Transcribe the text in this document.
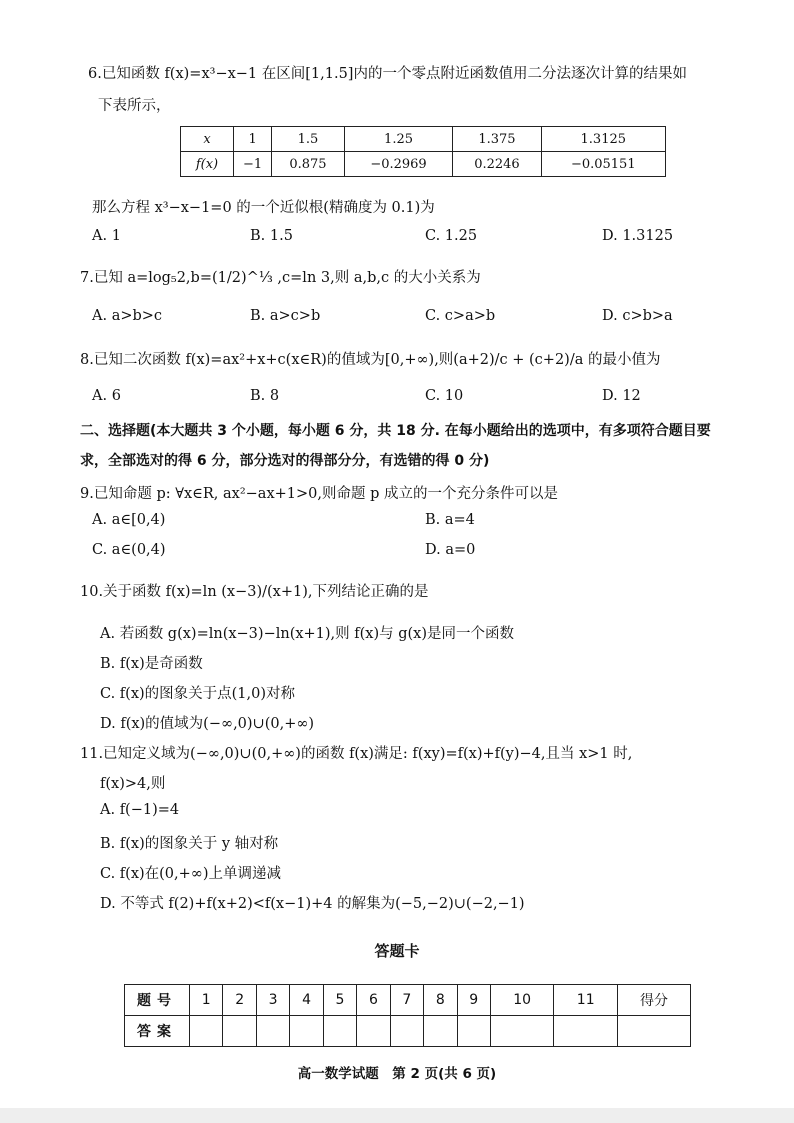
6.已知函数 f(x)=x³−x−1 在区间[1,1.5]内的一个零点附近函数值用二分法逐次计算的结果如
下表所示，
x	1	1.5	1.25	1.375	1.3125
f(x)	−1	0.875	−0.2969	0.2246	−0.05151
那么方程 x³−x−1=0 的一个近似根(精确度为 0.1)为
A. 1	B. 1.5	C. 1.25	D. 1.3125
7.已知 a=log₅2,b=(1/2)^⅓ ,c=ln 3,则 a,b,c 的大小关系为
A. a>b>c	B. a>c>b	C. c>a>b	D. c>b>a
8.已知二次函数 f(x)=ax²+x+c(x∈R)的值域为[0,+∞),则(a+2)/c + (c+2)/a 的最小值为
A. 6	B. 8	C. 10	D. 12
二、选择题(本大题共 3 个小题，每小题 6 分，共 18 分. 在每小题给出的选项中，有多项符合题目要
求，全部选对的得 6 分，部分选对的得部分分，有选错的得 0 分)
9.已知命题 p: ∀x∈R, ax²−ax+1>0,则命题 p 成立的一个充分条件可以是
A. a∈[0,4)	B. a=4
C. a∈(0,4)	D. a=0
10.关于函数 f(x)=ln (x−3)/(x+1),下列结论正确的是
A. 若函数 g(x)=ln(x−3)−ln(x+1),则 f(x)与 g(x)是同一个函数
B. f(x)是奇函数
C. f(x)的图象关于点(1,0)对称
D. f(x)的值域为(−∞,0)∪(0,+∞)
11.已知定义域为(−∞,0)∪(0,+∞)的函数 f(x)满足: f(xy)=f(x)+f(y)−4,且当 x>1 时,
f(x)>4,则
A. f(−1)=4
B. f(x)的图象关于 y 轴对称
C. f(x)在(0,+∞)上单调递减
D. 不等式 f(2)+f(x+2)<f(x−1)+4 的解集为(−5,−2)∪(−2,−1)
答题卡
题号	1	2	3	4	5	6	7	8	9	10	11	得分
答案												
高一数学试题　第 2 页(共 6 页)
